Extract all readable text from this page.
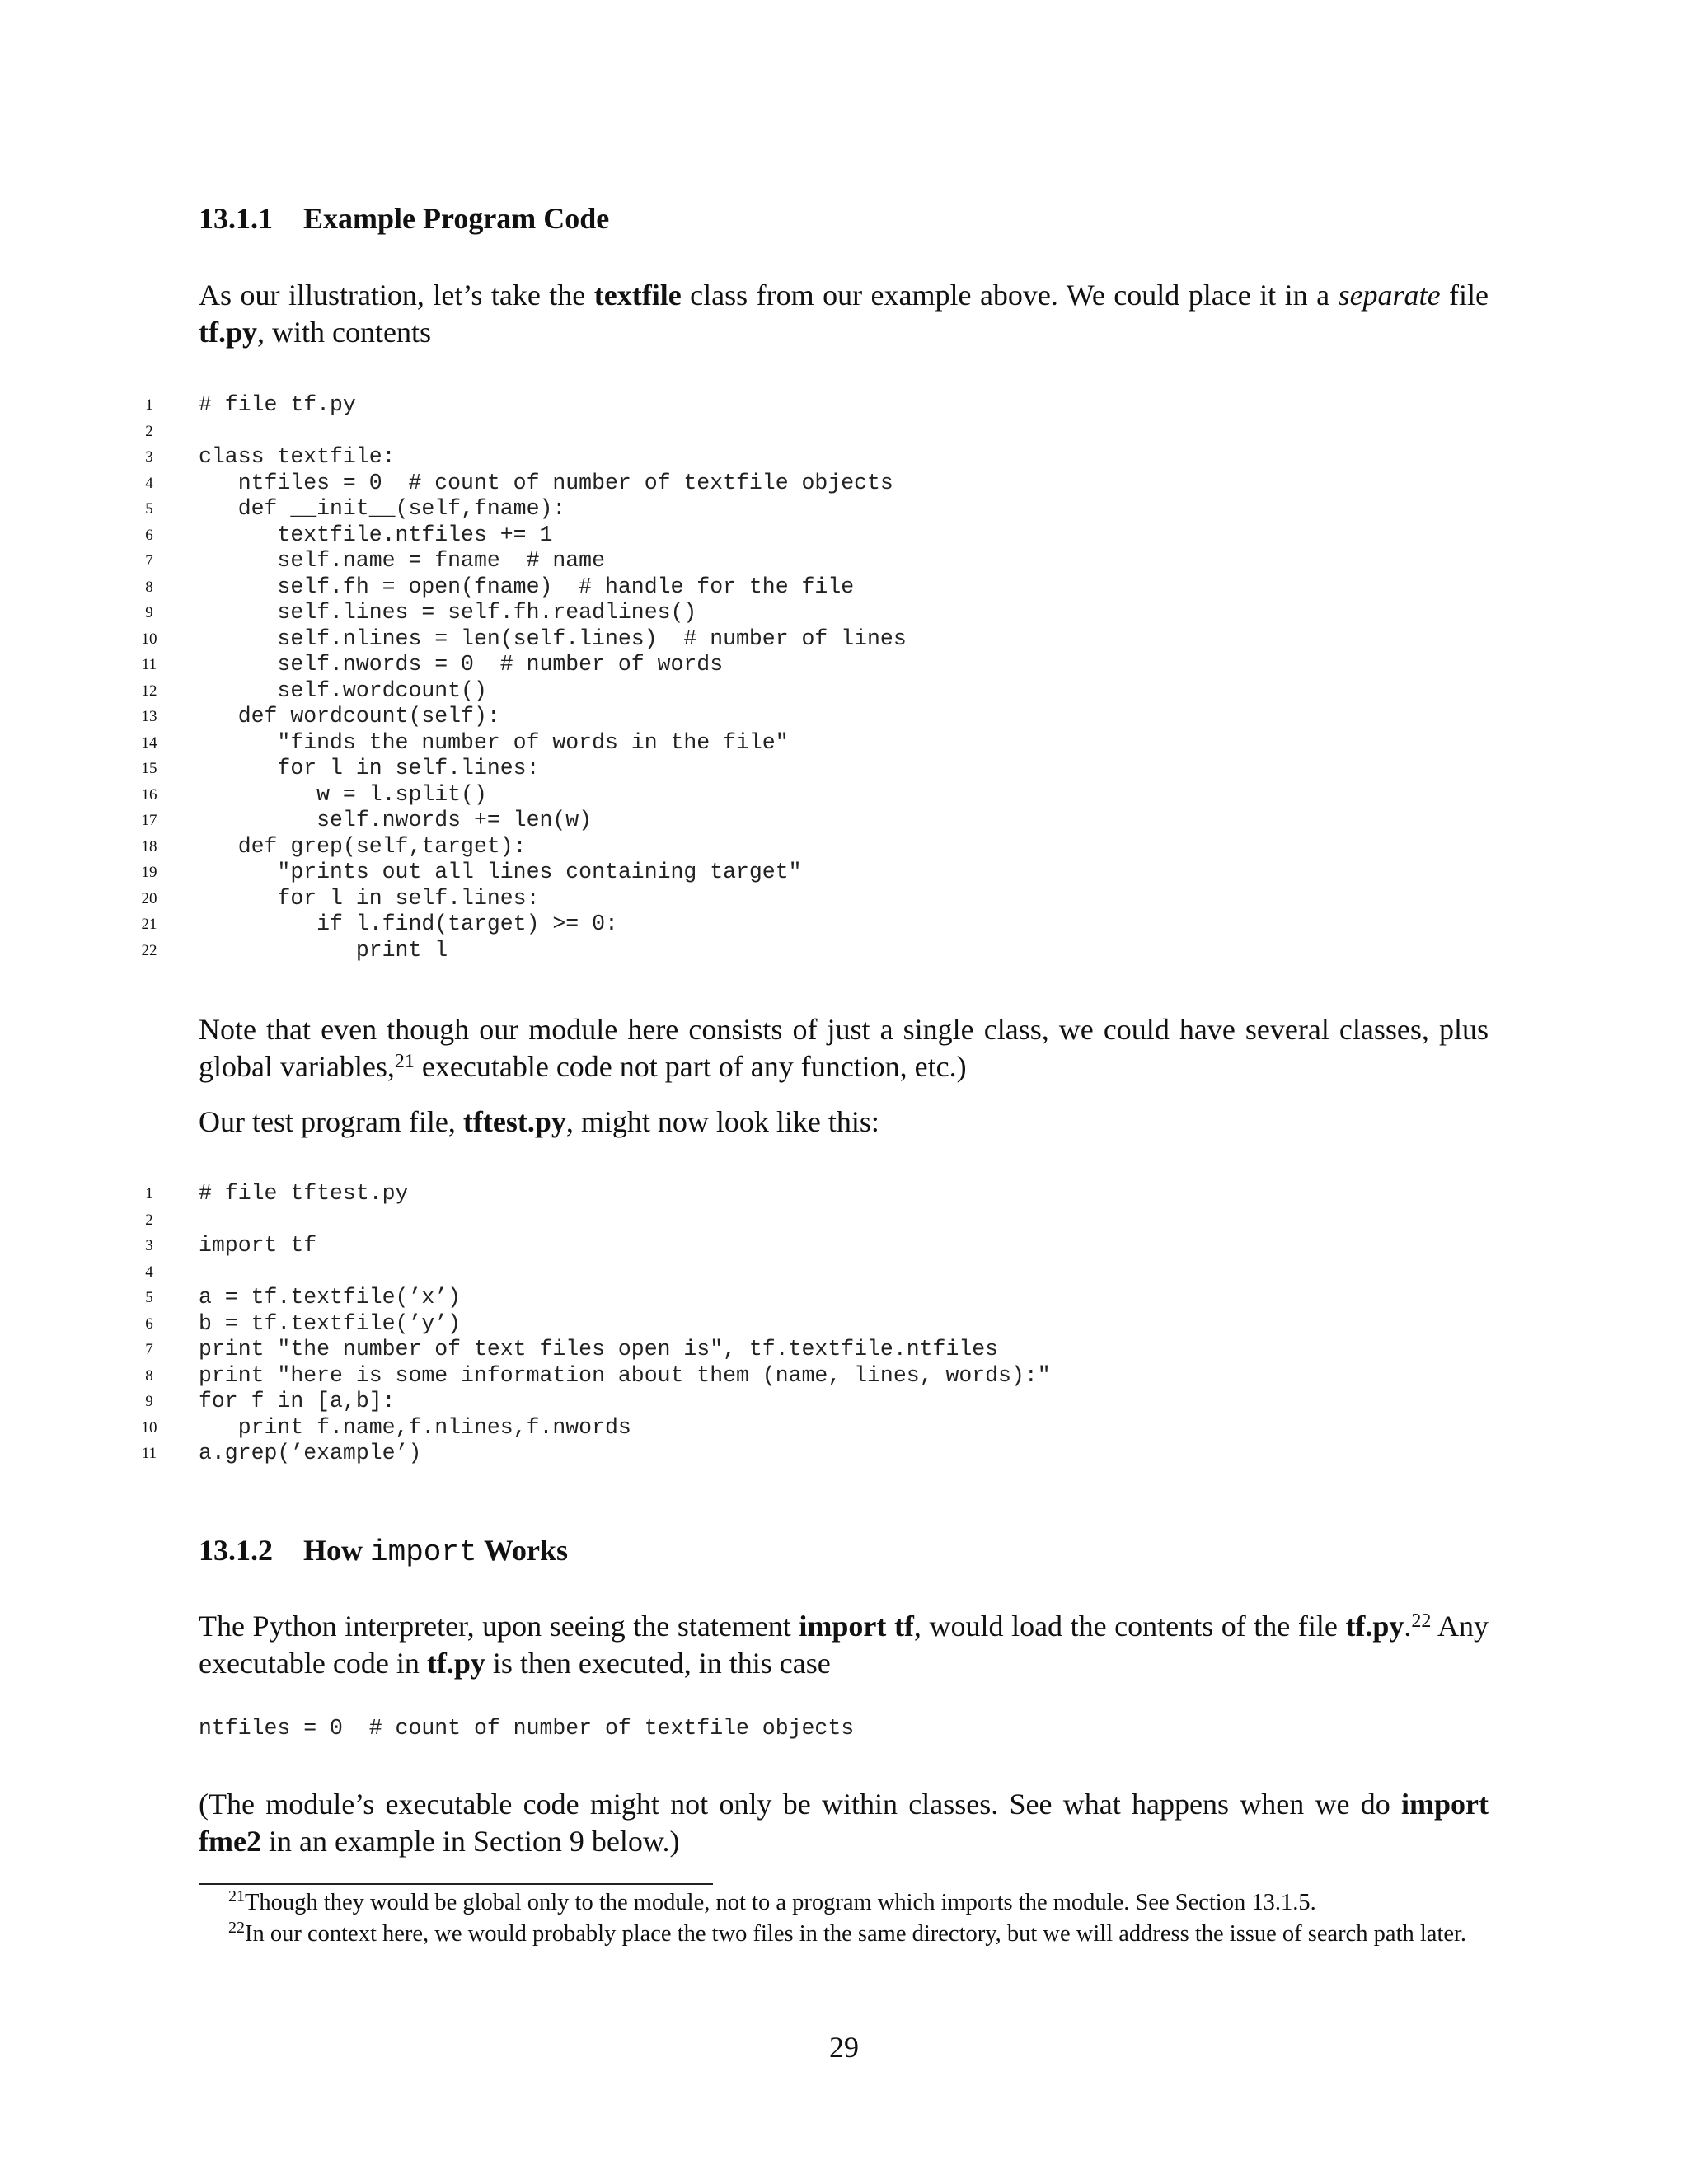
13.1.1 Example Program Code

As our illustration, let’s take the textfile class from our example above. We could place it in a separate file tf.py, with contents

1	# file tf.py
2
3	class textfile:
4	ntfiles = 0  # count of number of textfile objects
5	def __init__(self,fname):
6	textfile.ntfiles += 1
7	self.name = fname  # name
8	self.fh = open(fname)  # handle for the file
9	self.lines = self.fh.readlines()
10	self.nlines = len(self.lines)  # number of lines
11	self.nwords = 0  # number of words
12	self.wordcount()
13	def wordcount(self):
14	"finds the number of words in the file"
15	for l in self.lines:
16	w = l.split()
17	self.nwords += len(w)
18	def grep(self,target):
19	"prints out all lines containing target"
20	for l in self.lines:
21	if l.find(target) >= 0:
22	print l

Note that even though our module here consists of just a single class, we could have several classes, plus global variables,$^{21}$ executable code not part of any function, etc.)

Our test program file, tftest.py, might now look like this:

1	# file tftest.py
2
3	import tf
4
5	a = tf.textfile(’x’)
6	b = tf.textfile(’y’)
7	print "the number of text files open is", tf.textfile.ntfiles
8	print "here is some information about them (name, lines, words):"
9	for f in [a,b]:
10	print f.name,f.nlines,f.nwords
11	a.grep(’example’)
13.1.2 How import Works

The Python interpreter, upon seeing the statement import tf, would load the contents of the file tf.py.$^{22}$ Any executable code in tf.py is then executed, in this case

ntfiles = 0  # count of number of textfile objects

(The module’s executable code might not only be within classes. See what happens when we do import fme2 in an example in Section 9 below.)

$^{21}$Though they would be global only to the module, not to a program which imports the module. See Section 13.1.5.

$^{22}$In our context here, we would probably place the two files in the same directory, but we will address the issue of search path later.

29
